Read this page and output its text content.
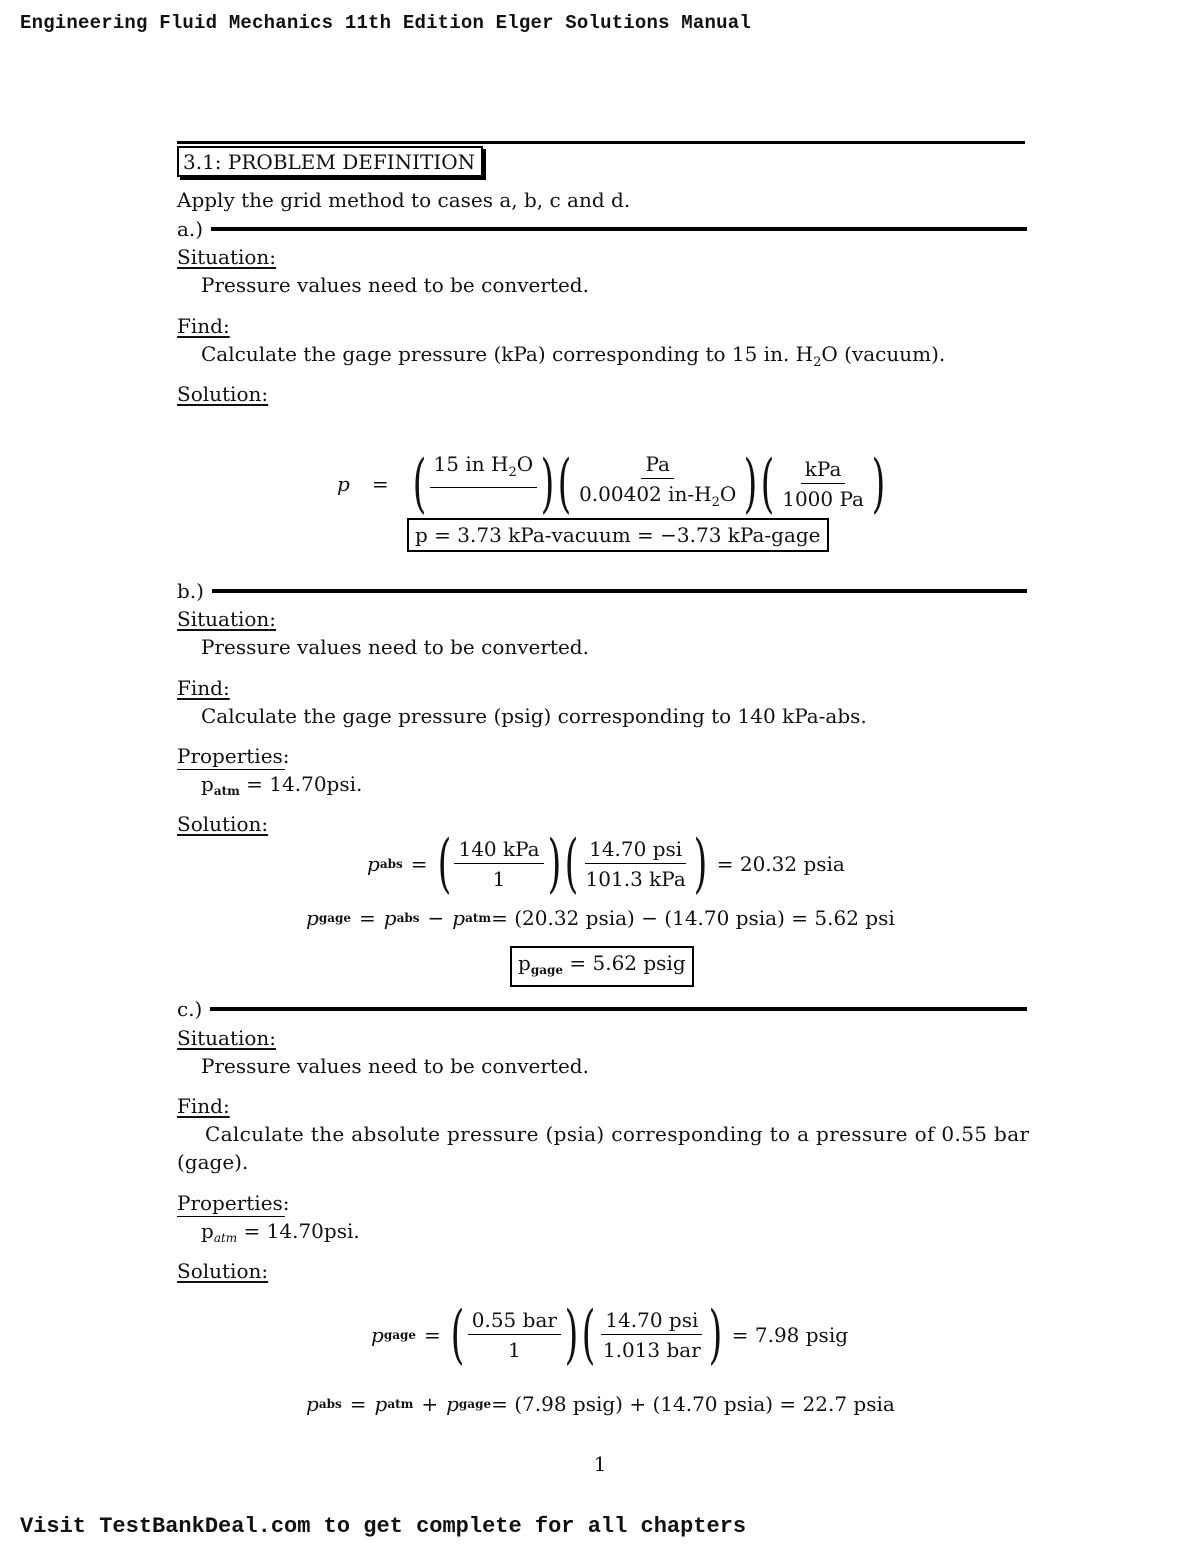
Engineering Fluid Mechanics 11th Edition Elger Solutions Manual
3.1: PROBLEM DEFINITION
Apply the grid method to cases a, b, c and d.
a.)
Situation:
Pressure values need to be converted.
Find:
Calculate the gage pressure (kPa) corresponding to 15 in. $H_2O$ (vacuum).
Solution:
p	= ( 15 in $H_2O$
) ( $\frac{Pa}{0.00402 in-H_2O}$ ) ( $\frac{\text{kPa}}{1000 Pa}$ )
p = 3.73 kPa-vacuum = −3.73 kPa-gage
b.)
Situation:
Pressure values need to be converted.
Find:
Calculate the gage pressure (psig) corresponding to 140 kPa-abs.
Properties:
$p_{atm} = 14.70psi$.
Solution:
p abs = ( $\frac{\text{140 kPa}}{1}$ ) ( $\frac{\text{14.70 psi}}{\text{101.3 kPa}}$ ) = 20.32 psia
p gage = p abs − p atm = (20.32 psia) − (14.70 psia) = 5.62 psi
$p_{gage} = 5.62$ psig
c.)
Situation:
Pressure values need to be converted.
Find:
Calculate the absolute pressure (psia) corresponding to a pressure of 0.55 bar
(gage).
Properties:
$p_{atm} = 14.70psi$.
Solution:
p gage = ( $\frac{\text{0.55 bar}}{1}$ ) ( $\frac{\text{14.70 psi}}{\text{1.013 bar}}$ ) = 7.98 psig
p abs = p atm + p gage = (7.98 psig) + (14.70 psia) = 22.7 psia
1
Visit TestBankDeal.com to get complete for all chapters
